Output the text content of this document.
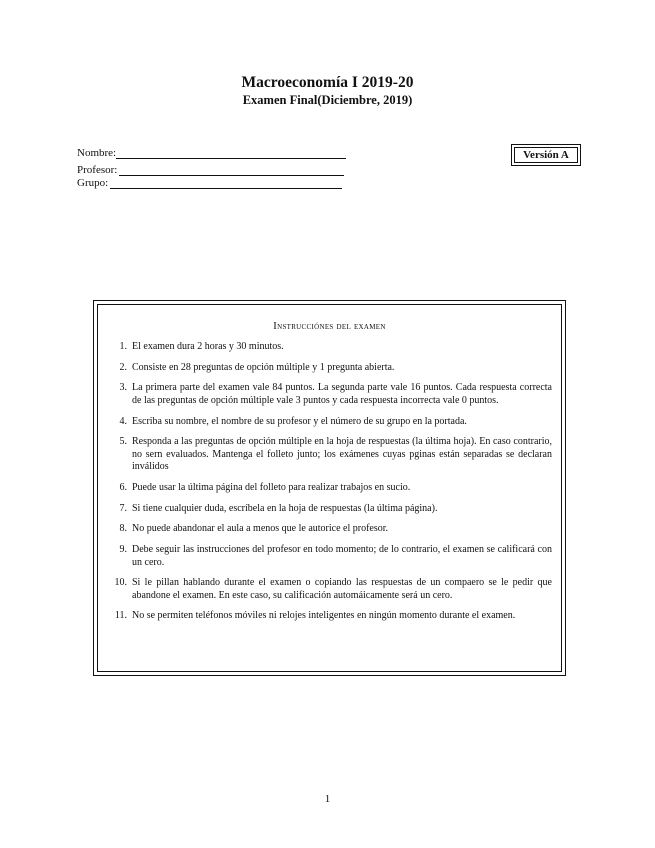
Macroeconomía I 2019-20
Examen Final(Diciembre, 2019)
Nombre:
Profesor:
Grupo:
Versión A
Instrucciónes del examen
1. El examen dura 2 horas y 30 minutos.
2. Consiste en 28 preguntas de opción múltiple y 1 pregunta abierta.
3. La primera parte del examen vale 84 puntos. La segunda parte vale 16 puntos. Cada respuesta correcta de las preguntas de opción múltiple vale 3 puntos y cada respuesta incorrecta vale 0 puntos.
4. Escriba su nombre, el nombre de su profesor y el número de su grupo en la portada.
5. Responda a las preguntas de opción múltiple en la hoja de respuestas (la última hoja). En caso contrario, no sern evaluados. Mantenga el folleto junto; los exámenes cuyas pginas están separadas se declaran inválidos
6. Puede usar la última página del folleto para realizar trabajos en sucio.
7. Si tiene cualquier duda, escríbela en la hoja de respuestas (la última página).
8. No puede abandonar el aula a menos que le autorice el profesor.
9. Debe seguir las instrucciones del profesor en todo momento; de lo contrario, el examen se calificará con un cero.
10. Si le pillan hablando durante el examen o copiando las respuestas de un compaero se le pedir que abandone el examen. En este caso, su calificación automáicamente será un cero.
11. No se permiten teléfonos móviles ni relojes inteligentes en ningún momento durante el examen.
1
